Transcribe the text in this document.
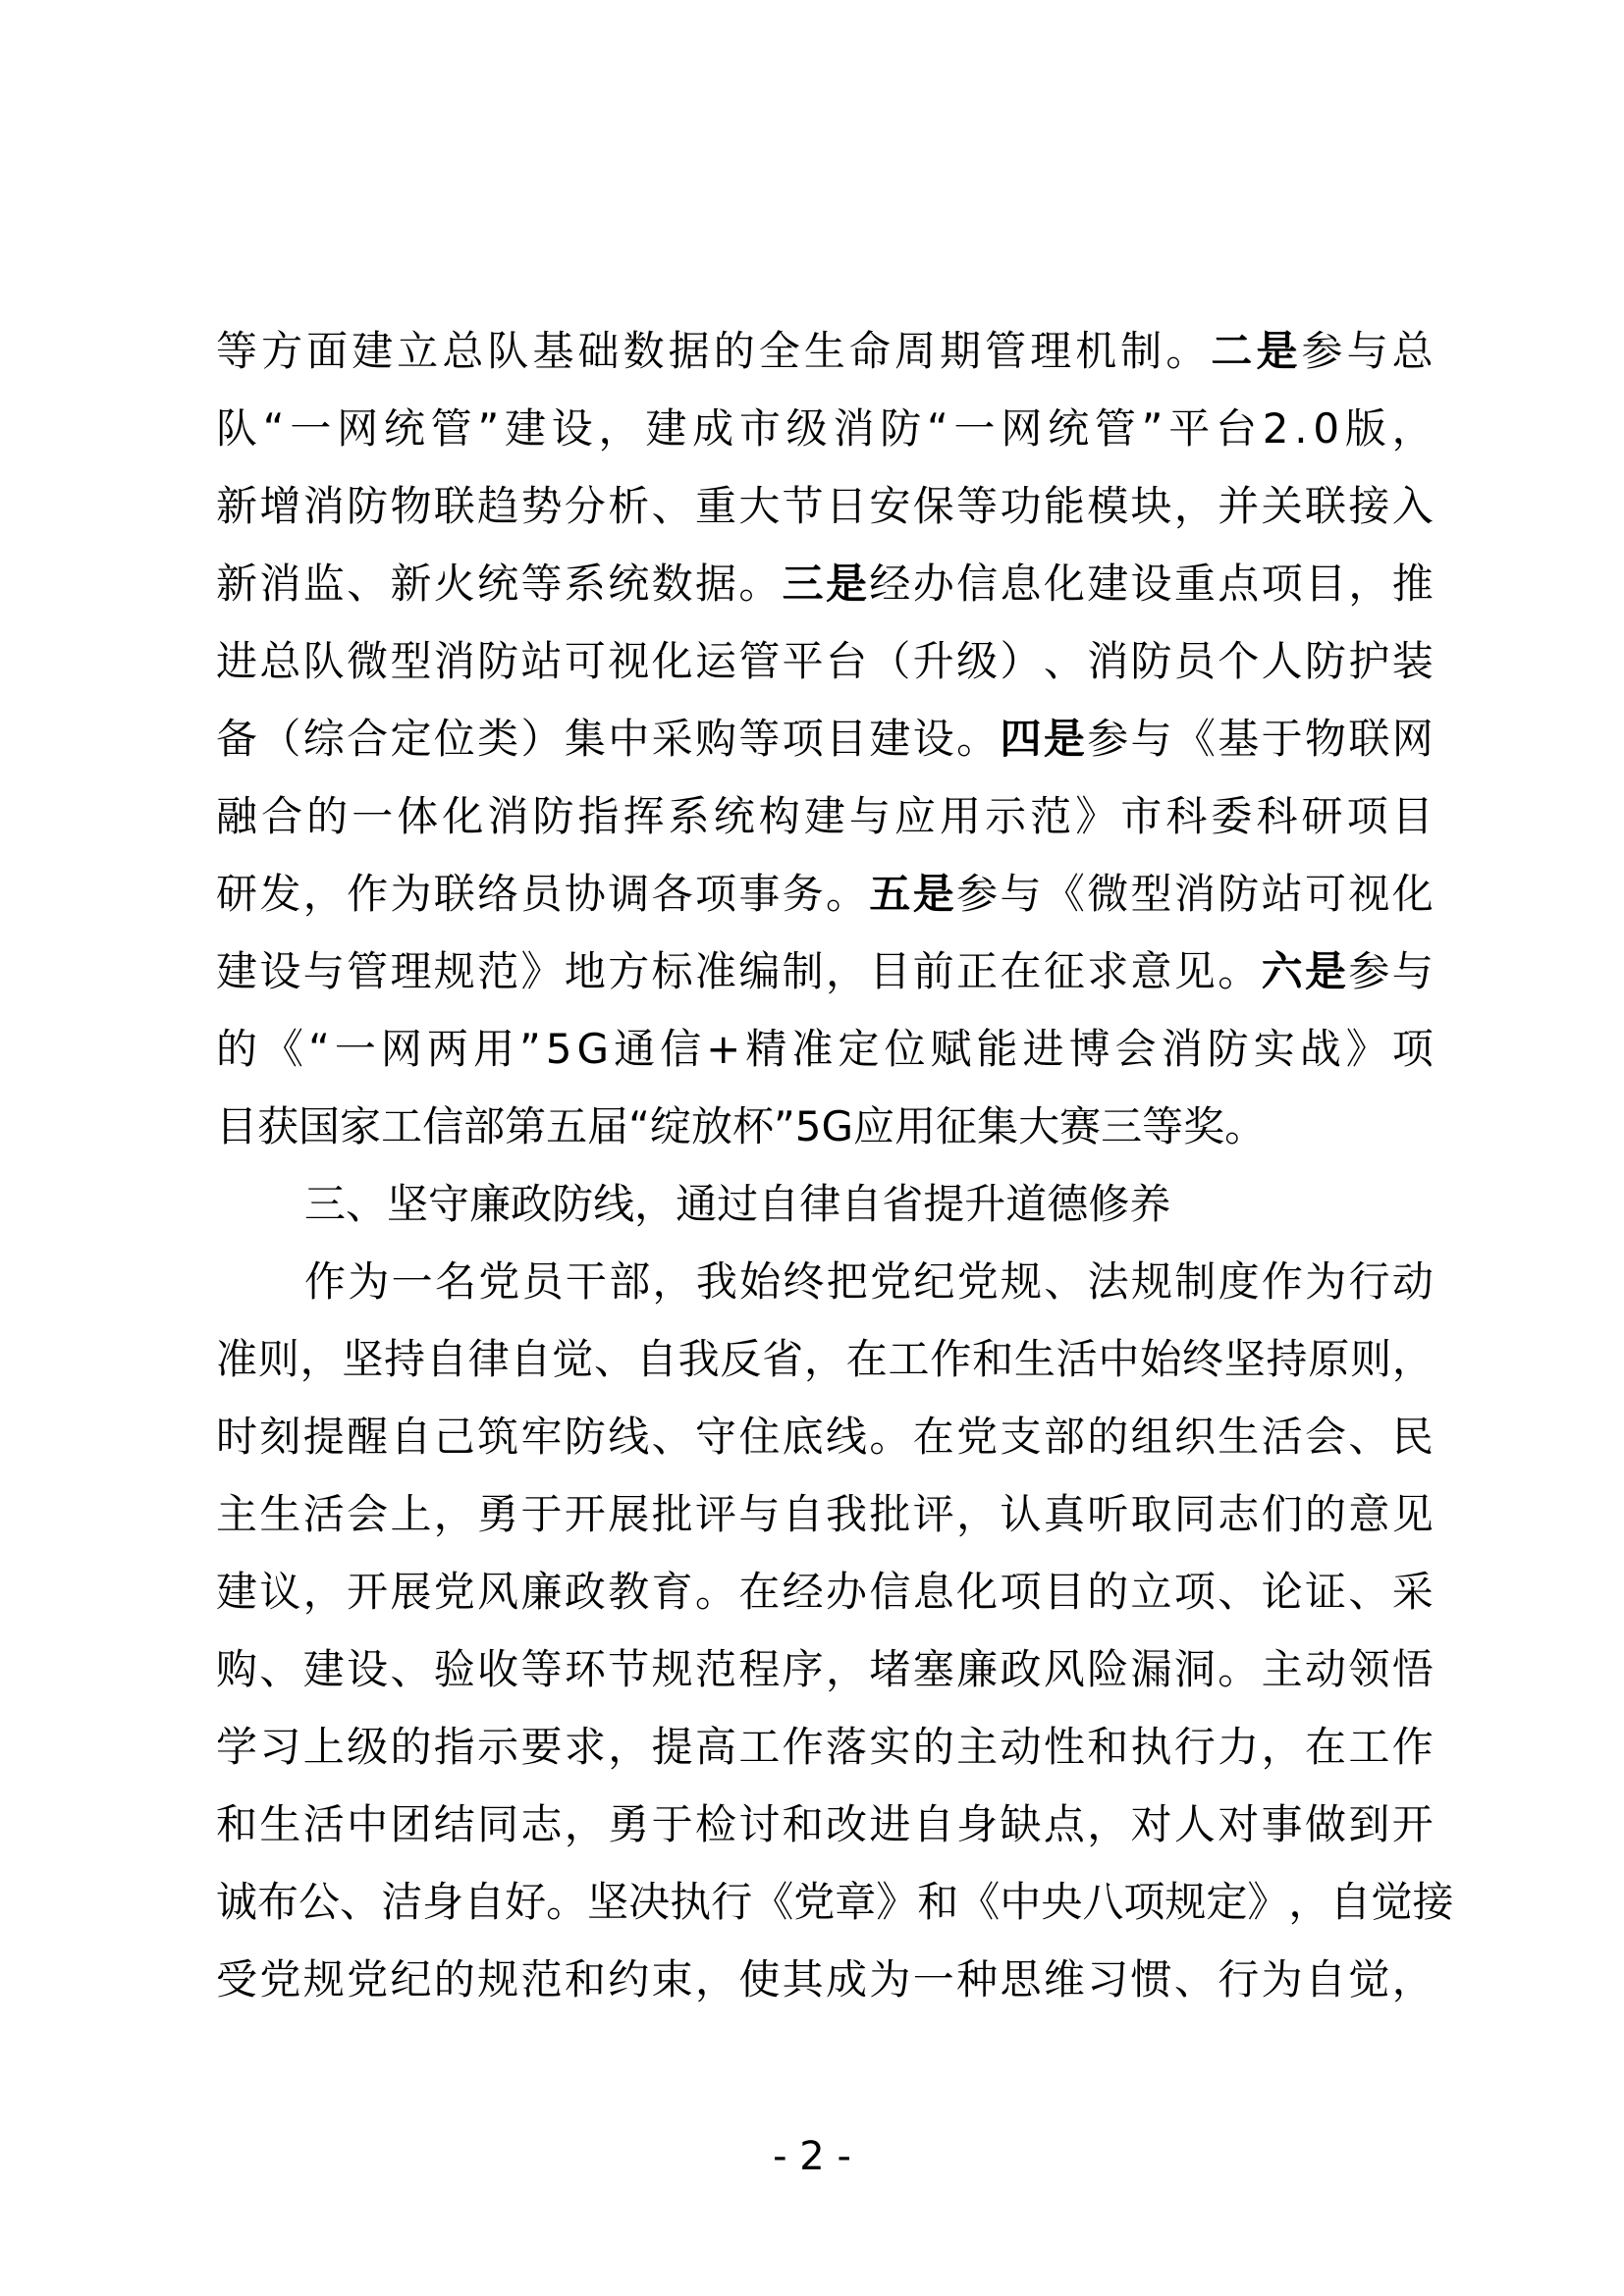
等 方 面 建 立 总 队 基 础 数 据 的 全 生 命 周 期 管 理 机 制 。 二 是 参 与 总
队 “ 一 网 统 管 ” 建 设 ， 建 成 市 级 消 防 “ 一 网 统 管 ” 平 台 2 . 0 版 ，
新 增 消 防 物 联 趋 势 分 析 、 重 大 节 日 安 保 等 功 能 模 块 ， 并 关 联 接 入
新 消 监 、 新 火 统 等 系 统 数 据 。 三 是 经 办 信 息 化 建 设 重 点 项 目 ， 推
进 总 队 微 型 消 防 站 可 视 化 运 管 平 台 （ 升 级 ） 、 消 防 员 个 人 防 护 装
备 （ 综 合 定 位 类 ） 集 中 采 购 等 项 目 建 设 。 四 是 参 与 《 基 于 物 联 网
融 合 的 一 体 化 消 防 指 挥 系 统 构 建 与 应 用 示 范 》 市 科 委 科 研 项 目
研 发 ， 作 为 联 络 员 协 调 各 项 事 务 。 五 是 参 与 《 微 型 消 防 站 可 视 化
建 设 与 管 理 规 范 》 地 方 标 准 编 制 ， 目 前 正 在 征 求 意 见 。 六 是 参 与
的 《 “ 一 网 两 用 ” 5 G 通 信 + 精 准 定 位 赋 能 进 博 会 消 防 实 战 》 项
目 获 国 家 工 信 部 第 五 届 “ 绽 放 杯 ” 5 G 应 用 征 集 大 赛 三 等 奖 。
三 、 坚 守 廉 政 防 线 ， 通 过 自 律 自 省 提 升 道 德 修 养
作 为 一 名 党 员 干 部 ， 我 始 终 把 党 纪 党 规 、 法 规 制 度 作 为 行 动
准 则 ， 坚 持 自 律 自 觉 、 自 我 反 省 ， 在 工 作 和 生 活 中 始 终 坚 持 原 则 ，
时 刻 提 醒 自 己 筑 牢 防 线 、 守 住 底 线 。 在 党 支 部 的 组 织 生 活 会 、 民
主 生 活 会 上 ， 勇 于 开 展 批 评 与 自 我 批 评 ， 认 真 听 取 同 志 们 的 意 见
建 议 ， 开 展 党 风 廉 政 教 育 。 在 经 办 信 息 化 项 目 的 立 项 、 论 证 、 采
购 、 建 设 、 验 收 等 环 节 规 范 程 序 ， 堵 塞 廉 政 风 险 漏 洞 。 主 动 领 悟
学 习 上 级 的 指 示 要 求 ， 提 高 工 作 落 实 的 主 动 性 和 执 行 力 ， 在 工 作
和 生 活 中 团 结 同 志 ， 勇 于 检 讨 和 改 进 自 身 缺 点 ， 对 人 对 事 做 到 开
诚 布 公 、 洁 身 自 好 。 坚 决 执 行 《 党 章 》 和 《 中 央 八 项 规 定 》 ， 自 觉 接
受 党 规 党 纪 的 规 范 和 约 束 ， 使 其 成 为 一 种 思 维 习 惯 、 行 为 自 觉 ，
- 2 -
